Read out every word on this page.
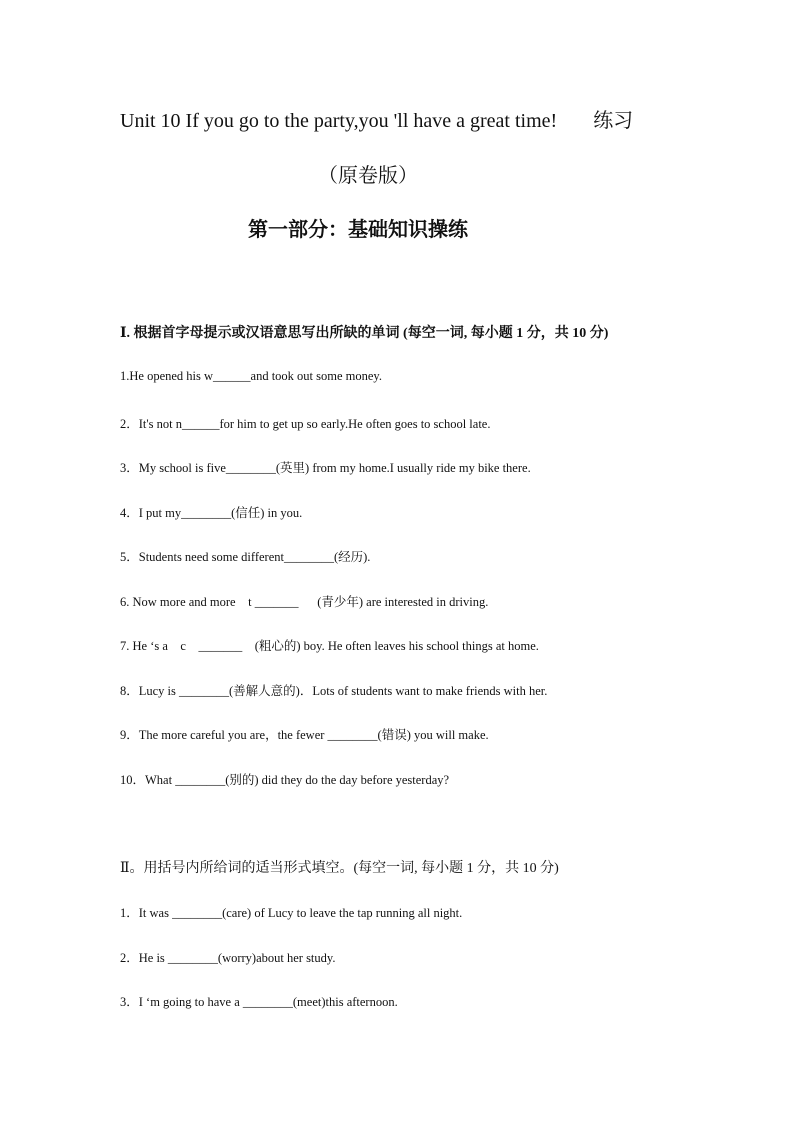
Unit 10 If you go to the party,you 'll have a great time! 练习
（原卷版）
第一部分：基础知识操练
Ⅰ. 根据首字母提示或汉语意思写出所缺的单词 (每空一词, 每小题 1 分，共 10 分)
1.He opened his w______and took out some money.
2．It's not n______for him to get up so early.He often goes to school late.
3．My school is five________(英里) from my home.I usually ride my bike there.
4．I put my________(信任) in you.
5．Students need some different________(经历).
6. Now more and more    t _______      (青少年) are interested in driving.
7. He ‘s a    c    _______    (粗心的) boy. He often leaves his school things at home.
8．Lucy is ________(善解人意的)．Lots of students want to make friends with her.
9．The more careful you are，the fewer ________(错误) you will make.
10．What ________(别的) did they do the day before yesterday?
Ⅱ。用括号内所给词的适当形式填空。(每空一词, 每小题 1 分，共 10 分)
1．It was ________(care) of Lucy to leave the tap running all night.
2．He is ________(worry)about her study.
3．I ‘m going to have a ________(meet)this afternoon.
